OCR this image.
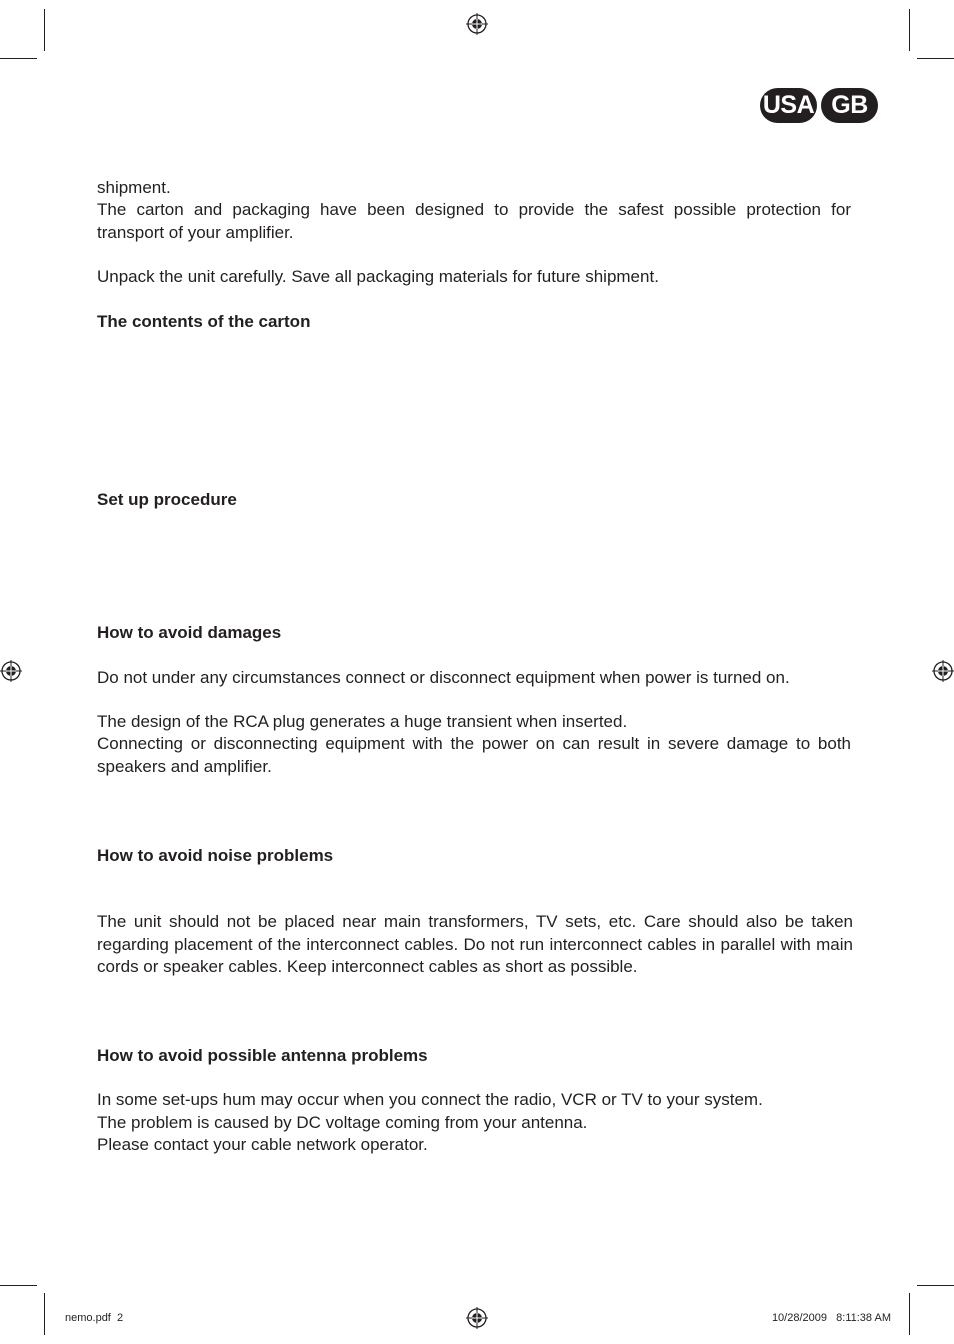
USA GB

shipment.

The carton and packaging have been designed to provide the safest possible protection for transport of your amplifier.

Unpack the unit carefully. Save all packaging materials for future shipment.

The contents of the carton
Set up procedure
How to avoid damages

Do not under any circumstances connect or disconnect equipment when power is turned on.

The design of the RCA plug generates a huge transient when inserted.

Connecting or disconnecting equipment with the power on can result in severe damage to both speakers and amplifier.

How to avoid noise problems

The unit should not be placed near main transformers, TV sets, etc. Care should also be taken regarding placement of the interconnect cables. Do not run interconnect cables in parallel with main cords or speaker cables. Keep interconnect cables as short as possible.

How to avoid possible antenna problems

In some set-ups hum may occur when you connect the radio, VCR or TV to your system.

The problem is caused by DC voltage coming from your antenna.

Please contact your cable network operator.

nemo.pdf  2	10/28/2009   8:11:38 AM
